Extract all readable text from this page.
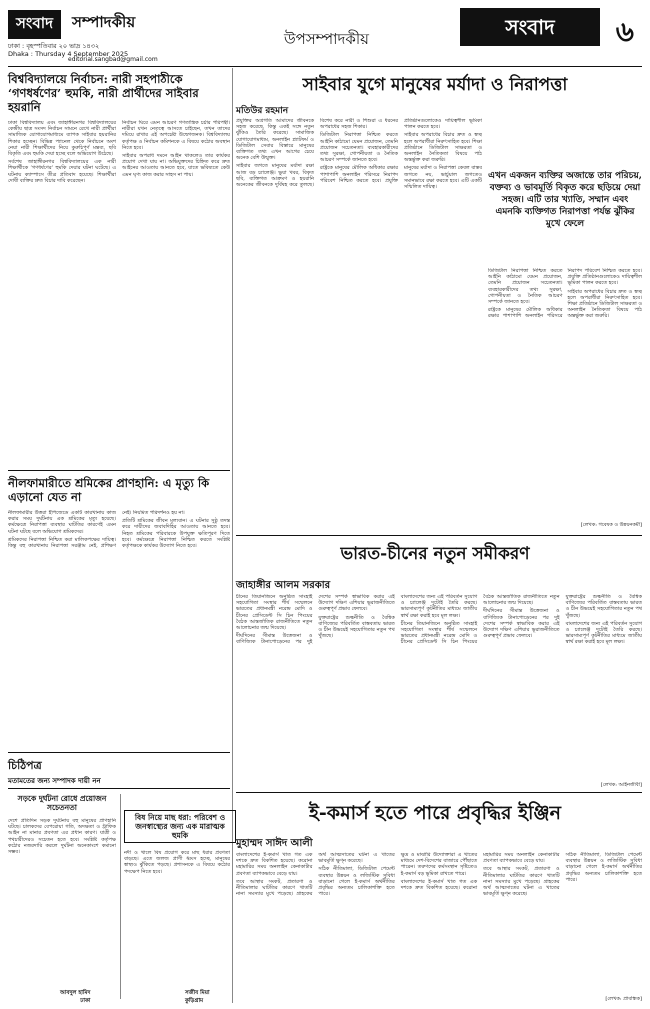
সংবাদ সম্পাদকীয়
ঢাকা : বৃহস্পতিবার ২০ ভাদ্র ১৪৩২
Dhaka : Thursday 4 September 2025
editorial.sangbad@gmail.com
উপসম্পাদকীয়	সংবাদ	৬
বিশ্ববিদ্যালয়ে নির্বাচন: নারী সহপাঠীকে ‘গণধর্ষণের’ হুমকি, নারী প্রার্থীদের সাইবার হয়রানি

ঢাকা বিশ্ববিদ্যালয় এবং জাহাঙ্গীরনগর বিশ্ববিদ্যালয়ের কেন্দ্রীয় ছাত্র সংসদ নির্বাচন সামনে রেখে নারী প্রার্থীরা সামাজিক যোগাযোগমাধ্যমে ব্যাপক সাইবার হয়রানির শিকার হচ্ছেন। বিভিন্ন প্যানেল থেকে নির্বাচনে অংশ নেয়া নারী শিক্ষার্থীদের নিয়ে কুরুচিপূর্ণ মন্তব্য, ছবি বিকৃতি এবং হুমকি দেয়া হচ্ছে বলে অভিযোগ উঠেছে।

সর্বশেষ জাহাঙ্গীরনগর বিশ্ববিদ্যালয়ের এক নারী শিক্ষার্থীকে ‘গণধর্ষণের’ হুমকি দেয়ার ঘটনা ঘটেছে। এ ঘটনায় ক্যাম্পাসে তীব্র প্রতিবাদ হয়েছে। শিক্ষার্থীরা দোষী ব্যক্তির দ্রুত বিচার দাবি করেছেন।

নির্বাচন ঘিরে এমন আচরণ গণতান্ত্রিক চর্চার পরিপন্থী। নারীরা যখন নেতৃত্বে আসতে চাইছেন, তখন তাদের দমিয়ে রাখার এই অপচেষ্টা উদ্বেগজনক। বিশ্ববিদ্যালয় কর্তৃপক্ষ ও নির্বাচন কমিশনকে এ বিষয়ে কঠোর অবস্থান নিতে হবে।

সাইবার অপরাধ দমনে আইন থাকলেও তার কার্যকর প্রয়োগ দেখা যায় না। অভিযুক্তদের চিহ্নিত করে দ্রুত আইনের আওতায় আনতে হবে, যাতে ভবিষ্যতে কেউ এমন ঘৃণ্য কাজ করার সাহস না পায়।

নীলফামারীতে শ্রমিকের প্রাণহানি: এ মৃত্যু কি এড়ানো যেত না

নীলফামারীর উত্তরা ইপিজেডে একটি কারখানায় কাজ করার সময় দুর্ঘটনায় এক শ্রমিকের মৃত্যু হয়েছে। কর্মক্ষেত্রে নিরাপত্তা ব্যবস্থার ঘাটতির কারণেই এমন ঘটনা ঘটছে বলে অভিযোগ শ্রমিকদের।

শ্রমিকদের নিরাপত্তা নিশ্চিত করা মালিকপক্ষের দায়িত্ব। কিন্তু বহু কারখানায় নিরাপত্তা সরঞ্জাম নেই, প্রশিক্ষণ নেই। নিয়মিত পরিদর্শনও হয় না।

প্রতিটি শ্রমিকের জীবন মূল্যবান। এ ঘটনার সুষ্ঠু তদন্ত করে দায়ীদের জবাবদিহির আওতায় আনতে হবে। নিহত শ্রমিকের পরিবারকে উপযুক্ত ক্ষতিপূরণ দিতে হবে। কর্মক্ষেত্রে নিরাপত্তা নিশ্চিত করতে সংশ্লিষ্ট কর্তৃপক্ষকে কার্যকর উদ্যোগ নিতে হবে।

চিঠিপত্র
মতামতের জন্য সম্পাদক দায়ী নন
সড়কে দুর্ঘটনা রোধে প্রয়োজন সচেতনতা

দেশে প্রতিদিন সড়ক দুর্ঘটনায় বহু মানুষের প্রাণহানি ঘটছে। চালকদের বেপরোয়া গতি, অদক্ষতা ও ট্রাফিক আইন না মানার প্রবণতা এর প্রধান কারণ। যাত্রী ও পথচারীদেরও সচেতন হতে হবে। সংশ্লিষ্ট কর্তৃপক্ষ কঠোর নজরদারি করলে দুর্ঘটনা অনেকাংশে কমানো সম্ভব।

আবদুল হামিদ
ঢাকা
বিষ নিয়ে মাছ ধরা: পরিবেশ ও জনস্বাস্থ্যের জন্য এক মারাত্মক হুমকি

নদী ও খালে বিষ প্রয়োগ করে মাছ ধরার প্রবণতা বাড়ছে। এতে জলজ প্রাণী ধ্বংস হচ্ছে, মানুষের স্বাস্থ্যও ঝুঁকিতে পড়ছে। প্রশাসনকে এ বিষয়ে কঠোর পদক্ষেপ নিতে হবে।

সজীব মিয়া
কুড়িগ্রাম
সাইবার যুগে মানুষের মর্যাদা ও নিরাপত্তা
মতিউর রহমান

প্রযুক্তির অগ্রগতি আমাদের জীবনকে সহজ করেছে, কিন্তু একই সঙ্গে নতুন ঝুঁকিও তৈরি করেছে। সামাজিক যোগাযোগমাধ্যম, অনলাইন প্ল্যাটফর্ম ও ডিজিটাল সেবার বিস্তারে মানুষের ব্যক্তিগত তথ্য এখন আগের চেয়ে অনেক বেশি উন্মুক্ত।

সাইবার জগতে মানুষের মর্যাদা রক্ষা আজ বড় চ্যালেঞ্জ। ভুয়া খবর, বিকৃত ছবি, ব্যক্তিগত আক্রমণ ও হয়রানি অনেকের জীবনকে দুর্বিষহ করে তুলছে। বিশেষ করে নারী ও শিশুরা এ ধরনের অপরাধের সহজ শিকার।

ডিজিটাল নিরাপত্তা নিশ্চিত করতে আইনি কাঠামো যেমন প্রয়োজন, তেমনি প্রয়োজন সচেতনতা। ব্যবহারকারীদের তথ্য সুরক্ষা, গোপনীয়তা ও নৈতিক আচরণ সম্পর্কে জানতে হবে।

রাষ্ট্রকে মানুষের মৌলিক অধিকার রক্ষার পাশাপাশি অনলাইন পরিসরে নিরাপদ পরিবেশ নিশ্চিত করতে হবে। প্রযুক্তি প্রতিষ্ঠানগুলোকেও দায়িত্বশীল ভূমিকা পালন করতে হবে।

সাইবার অপরাধের বিচার দ্রুত ও স্বচ্ছ হলে অপরাধীরা নিরুৎসাহিত হবে। শিক্ষা প্রতিষ্ঠানে ডিজিটাল সাক্ষরতা ও অনলাইন নৈতিকতা বিষয়ে পাঠ অন্তর্ভুক্ত করা জরুরি।

মানুষের মর্যাদা ও নিরাপত্তা কেবল বাস্তব জগতে নয়, ভার্চুয়াল জগতেও সমানভাবে রক্ষা করতে হবে। এটি একটি সম্মিলিত দায়িত্ব।

এখন একজন ব্যক্তির অজান্তে তার পরিচয়, বক্তব্য ও ভাবমূর্তি বিকৃত করে ছড়িয়ে দেয়া সহজ। এটি তার খ্যাতি, সম্মান এবং এমনকি ব্যক্তিগত নিরাপত্তা পর্যন্ত ঝুঁকির মুখে ফেলে

ডিজিটাল নিরাপত্তা নিশ্চিত করতে আইনি কাঠামো যেমন প্রয়োজন, তেমনি প্রয়োজন সচেতনতা। ব্যবহারকারীদের তথ্য সুরক্ষা, গোপনীয়তা ও নৈতিক আচরণ সম্পর্কে জানতে হবে।

রাষ্ট্রকে মানুষের মৌলিক অধিকার রক্ষার পাশাপাশি অনলাইন পরিসরে নিরাপদ পরিবেশ নিশ্চিত করতে হবে। প্রযুক্তি প্রতিষ্ঠানগুলোকেও দায়িত্বশীল ভূমিকা পালন করতে হবে।

সাইবার অপরাধের বিচার দ্রুত ও স্বচ্ছ হলে অপরাধীরা নিরুৎসাহিত হবে। শিক্ষা প্রতিষ্ঠানে ডিজিটাল সাক্ষরতা ও অনলাইন নৈতিকতা বিষয়ে পাঠ অন্তর্ভুক্ত করা জরুরি।

[লেখক: গবেষক ও উন্নয়নকর্মী]
ভারত-চীনের নতুন সমীকরণ
জাহাঙ্গীর আলম সরকার

চীনের তিয়ানজিনে অনুষ্ঠিত সাংহাই সহযোগিতা সংস্থার শীর্ষ সম্মেলনে ভারতের প্রধানমন্ত্রী নরেন্দ্র মোদি ও চীনের প্রেসিডেন্ট সি চিন পিংয়ের বৈঠক আন্তর্জাতিক রাজনীতিতে নতুন আলোচনার জন্ম দিয়েছে।

দীর্ঘদিনের সীমান্ত উত্তেজনা ও বাণিজ্যিক টানাপোড়েনের পর দুই দেশের সম্পর্ক স্বাভাবিক করার এই উদ্যোগ দক্ষিণ এশিয়ার ভূরাজনীতিতে গুরুত্বপূর্ণ প্রভাব ফেলবে।

যুক্তরাষ্ট্রের শুল্কনীতি ও বৈশ্বিক বাণিজ্যের পরিবর্তিত বাস্তবতায় ভারত ও চীন উভয়েই সহযোগিতার নতুন পথ খুঁজছে।

বাংলাদেশের জন্য এই পরিবর্তন সুযোগ ও চ্যালেঞ্জ দুটোই তৈরি করছে। ভারসাম্যপূর্ণ কূটনীতির মাধ্যমে জাতীয় স্বার্থ রক্ষা করাই হবে মূল লক্ষ্য।

চীনের তিয়ানজিনে অনুষ্ঠিত সাংহাই সহযোগিতা সংস্থার শীর্ষ সম্মেলনে ভারতের প্রধানমন্ত্রী নরেন্দ্র মোদি ও চীনের প্রেসিডেন্ট সি চিন পিংয়ের বৈঠক আন্তর্জাতিক রাজনীতিতে নতুন আলোচনার জন্ম দিয়েছে।

দীর্ঘদিনের সীমান্ত উত্তেজনা ও বাণিজ্যিক টানাপোড়েনের পর দুই দেশের সম্পর্ক স্বাভাবিক করার এই উদ্যোগ দক্ষিণ এশিয়ার ভূরাজনীতিতে গুরুত্বপূর্ণ প্রভাব ফেলবে।

যুক্তরাষ্ট্রের শুল্কনীতি ও বৈশ্বিক বাণিজ্যের পরিবর্তিত বাস্তবতায় ভারত ও চীন উভয়েই সহযোগিতার নতুন পথ খুঁজছে।

বাংলাদেশের জন্য এই পরিবর্তন সুযোগ ও চ্যালেঞ্জ দুটোই তৈরি করছে। ভারসাম্যপূর্ণ কূটনীতির মাধ্যমে জাতীয় স্বার্থ রক্ষা করাই হবে মূল লক্ষ্য।

[লেখক: আইনজীবী]
ই-কমার্স হতে পারে প্রবৃদ্ধির ইঞ্জিন
মুহাম্মদ সাঈদ আলী

বাংলাদেশের ই-কমার্স খাত গত এক দশকে দ্রুত বিকশিত হয়েছে। করোনা মহামারির সময় অনলাইন কেনাকাটার প্রবণতা ব্যাপকভাবে বেড়ে যায়।

তবে আস্থার সংকট, প্রতারণা ও নীতিমালার ঘাটতির কারণে খাতটি নানা সমস্যার মুখে পড়েছে। গ্রাহকের অর্থ আত্মসাতের ঘটনা এ খাতের ভাবমূর্তি ক্ষুণ্ন করেছে।

সঠিক নীতিমালা, ডিজিটাল পেমেন্ট ব্যবস্থার উন্নয়ন ও লজিস্টিক সুবিধা বাড়ানো গেলে ই-কমার্স অর্থনীতির প্রবৃদ্ধির অন্যতম চালিকাশক্তি হতে পারে।

ক্ষুদ্র ও মাঝারি উদ্যোক্তারা এ খাতের মাধ্যমে দেশ-বিদেশের বাজারে পৌঁছাতে পারেন। তরুণদের কর্মসংস্থান সৃষ্টিতেও ই-কমার্স বড় ভূমিকা রাখতে পারে।

বাংলাদেশের ই-কমার্স খাত গত এক দশকে দ্রুত বিকশিত হয়েছে। করোনা মহামারির সময় অনলাইন কেনাকাটার প্রবণতা ব্যাপকভাবে বেড়ে যায়।

তবে আস্থার সংকট, প্রতারণা ও নীতিমালার ঘাটতির কারণে খাতটি নানা সমস্যার মুখে পড়েছে। গ্রাহকের অর্থ আত্মসাতের ঘটনা এ খাতের ভাবমূর্তি ক্ষুণ্ন করেছে।

সঠিক নীতিমালা, ডিজিটাল পেমেন্ট ব্যবস্থার উন্নয়ন ও লজিস্টিক সুবিধা বাড়ানো গেলে ই-কমার্স অর্থনীতির প্রবৃদ্ধির অন্যতম চালিকাশক্তি হতে পারে।

[লেখক: প্রাবন্ধিক]
